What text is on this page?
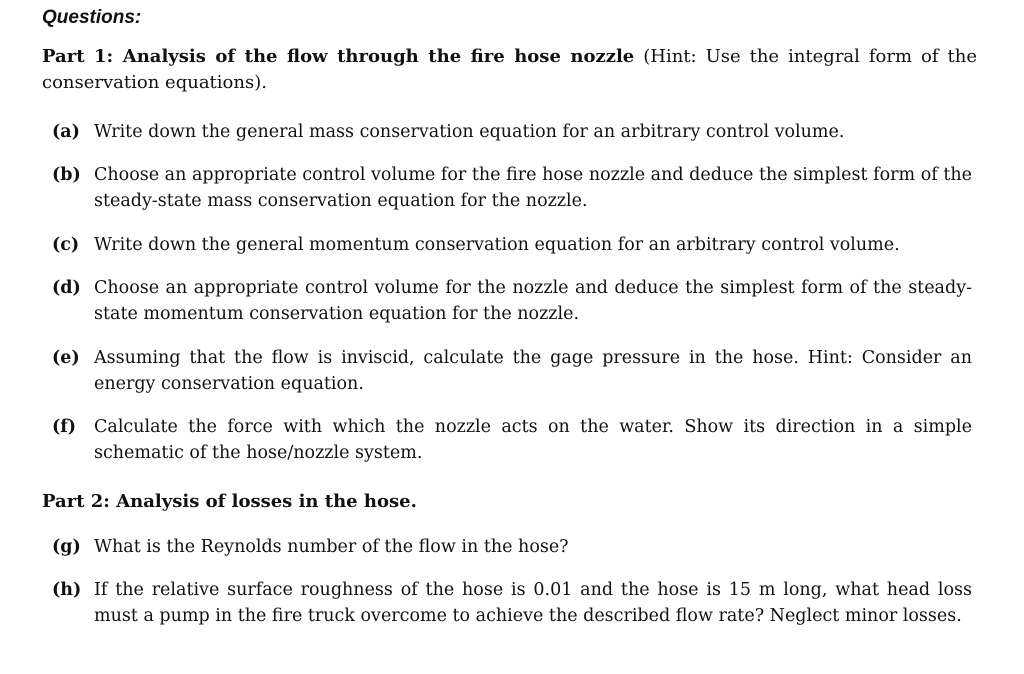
Questions:

Part 1: Analysis of the flow through the fire hose nozzle (Hint: Use the integral form of the conservation equations).

(a) Write down the general mass conservation equation for an arbitrary control volume.

(b) Choose an appropriate control volume for the fire hose nozzle and deduce the simplest form of the steady-state mass conservation equation for the nozzle.

(c) Write down the general momentum conservation equation for an arbitrary control volume.

(d) Choose an appropriate control volume for the nozzle and deduce the simplest form of the steady-state momentum conservation equation for the nozzle.

(e) Assuming that the flow is inviscid, calculate the gage pressure in the hose. Hint: Consider an energy conservation equation.

(f)	Calculate the force with which the nozzle acts on the water. Show its direction in a simple schematic of the hose/nozzle system.

Part 2: Analysis of losses in the hose.

(g) What is the Reynolds number of the flow in the hose?

(h) If the relative surface roughness of the hose is 0.01 and the hose is 15 m long, what head loss must a pump in the fire truck overcome to achieve the described flow rate? Neglect minor losses.
